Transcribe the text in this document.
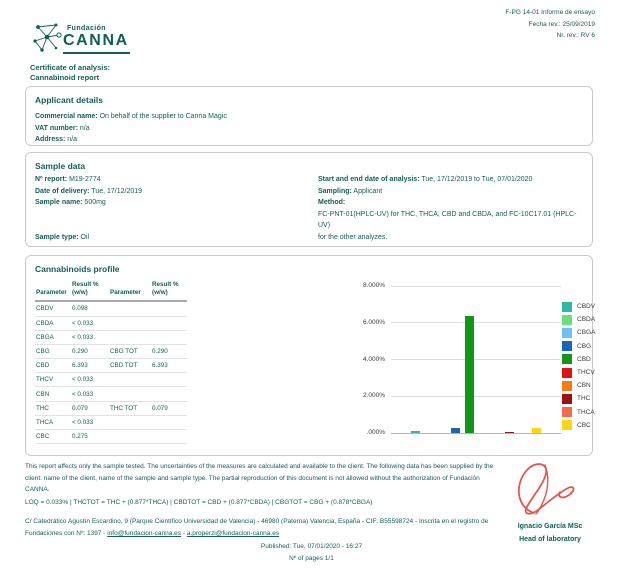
F-PG 14-01 Informe de ensayo
Fecha rev.: 25/09/2019
Nr. rev.: RV 6
Fundación
CANNA
Certificate of analysis:
Cannabinoid report
Applicant details
Commercial name: On behalf of the supplier to Canna Magic
VAT number: n/a
Address: n/a
Sample data
Nº report: M19-2774
Date of delivery: Tue, 17/12/2019
Sample name: 500mg
Sample type: Oil
Start and end date of analysis: Tue, 17/12/2019 to Tue, 07/01/2020
Sampling: Applicant
Method:
FC-PNT-01(HPLC-UV) for THC, THCA, CBD and CBDA, and FC-10C17.01 (HPLC-UV)
for the other analyzes.
Cannabinoids profile
Parameter	Result % (w/w)	Parameter	Result % (w/w)
CBDV	0.098		
CBDA	< 0.033		
CBGA	< 0.033		
CBG	0.290	CBG TOT	0.290
CBD	6.393	CBD TOT	6.393
THCV	< 0.033		
CBN	< 0.033		
THC	0.079	THC TOT	0.079
THCA	< 0.033		
CBC	0.275		
8.000%
6.000%
4.000%
2.000%
.000%
CBDV
CBDA
CBGA
CBG
CBD
THCV
CBN
THC
THCA
CBC
This report affects only the sample tested. The uncertainties of the measures are calculated and available to the client. The following data has been supplied by the client: name of the client, name of the sample and sample type. The partial reproduction of this document is not allowed without the authorization of Fundación CANNA.
LOQ = 0.033% | THCTOT = THC + (0.877*THCA) | CBDTOT = CBD + (0.877*CBDA) | CBGTOT = CBG + (0.878*CBGA)
C/ Catedrático Agustín Escardino, 9 (Parque Científico Universidad de Valencia) - 46980 (Paterna) Valencia, España - CIF: B55598724 - Inscrita en el registro de Fundaciones con Nº: 1397 - info@fundacion-canna.es - a.properzi@fundacion-canna.es
Ignacio García MSc
Head of laboratory
Published: Tue, 07/01/2020 - 16:27
Nº of pages 1/1
